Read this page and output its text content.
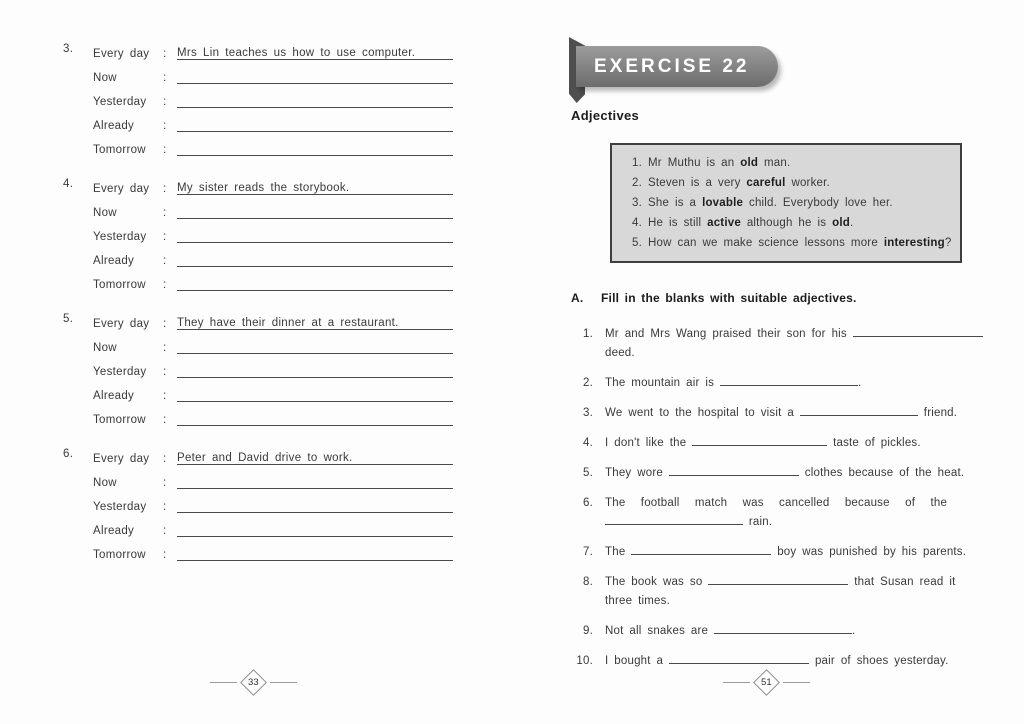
3.	Every day	: Mrs Lin teaches us how to use computer.
Now	:
Yesterday	:
Already	:
Tomorrow	:
4.	Every day	: My sister reads the storybook.
Now	:
Yesterday	:
Already	:
Tomorrow	:
5.	Every day	: They have their dinner at a restaurant.
Now	:
Yesterday	:
Already	:
Tomorrow	:
6.	Every day	: Peter and David drive to work.
Now	:
Yesterday	:
Already	:
Tomorrow	:
EXERCISE 22
Adjectives
1. Mr Muthu is an old man.
2. Steven is a very careful worker.
3. She is a lovable child. Everybody love her.
4. He is still active although he is old.
5. How can we make science lessons more interesting?
A.	Fill in the blanks with suitable adjectives.
1. Mr and Mrs Wang praised their son for his
deed.
2. The mountain air is	.
3. We went to the hospital to visit a	friend.
4. I don't like the	taste of pickles.
5. They wore	clothes because of the heat.
6. The football match was cancelled because of the
rain.
7. The	boy was punished by his parents.
8. The book was so	that Susan read it
three times.
9. Not all snakes are	.
10. I bought a	pair of shoes yesterday.
33	51
